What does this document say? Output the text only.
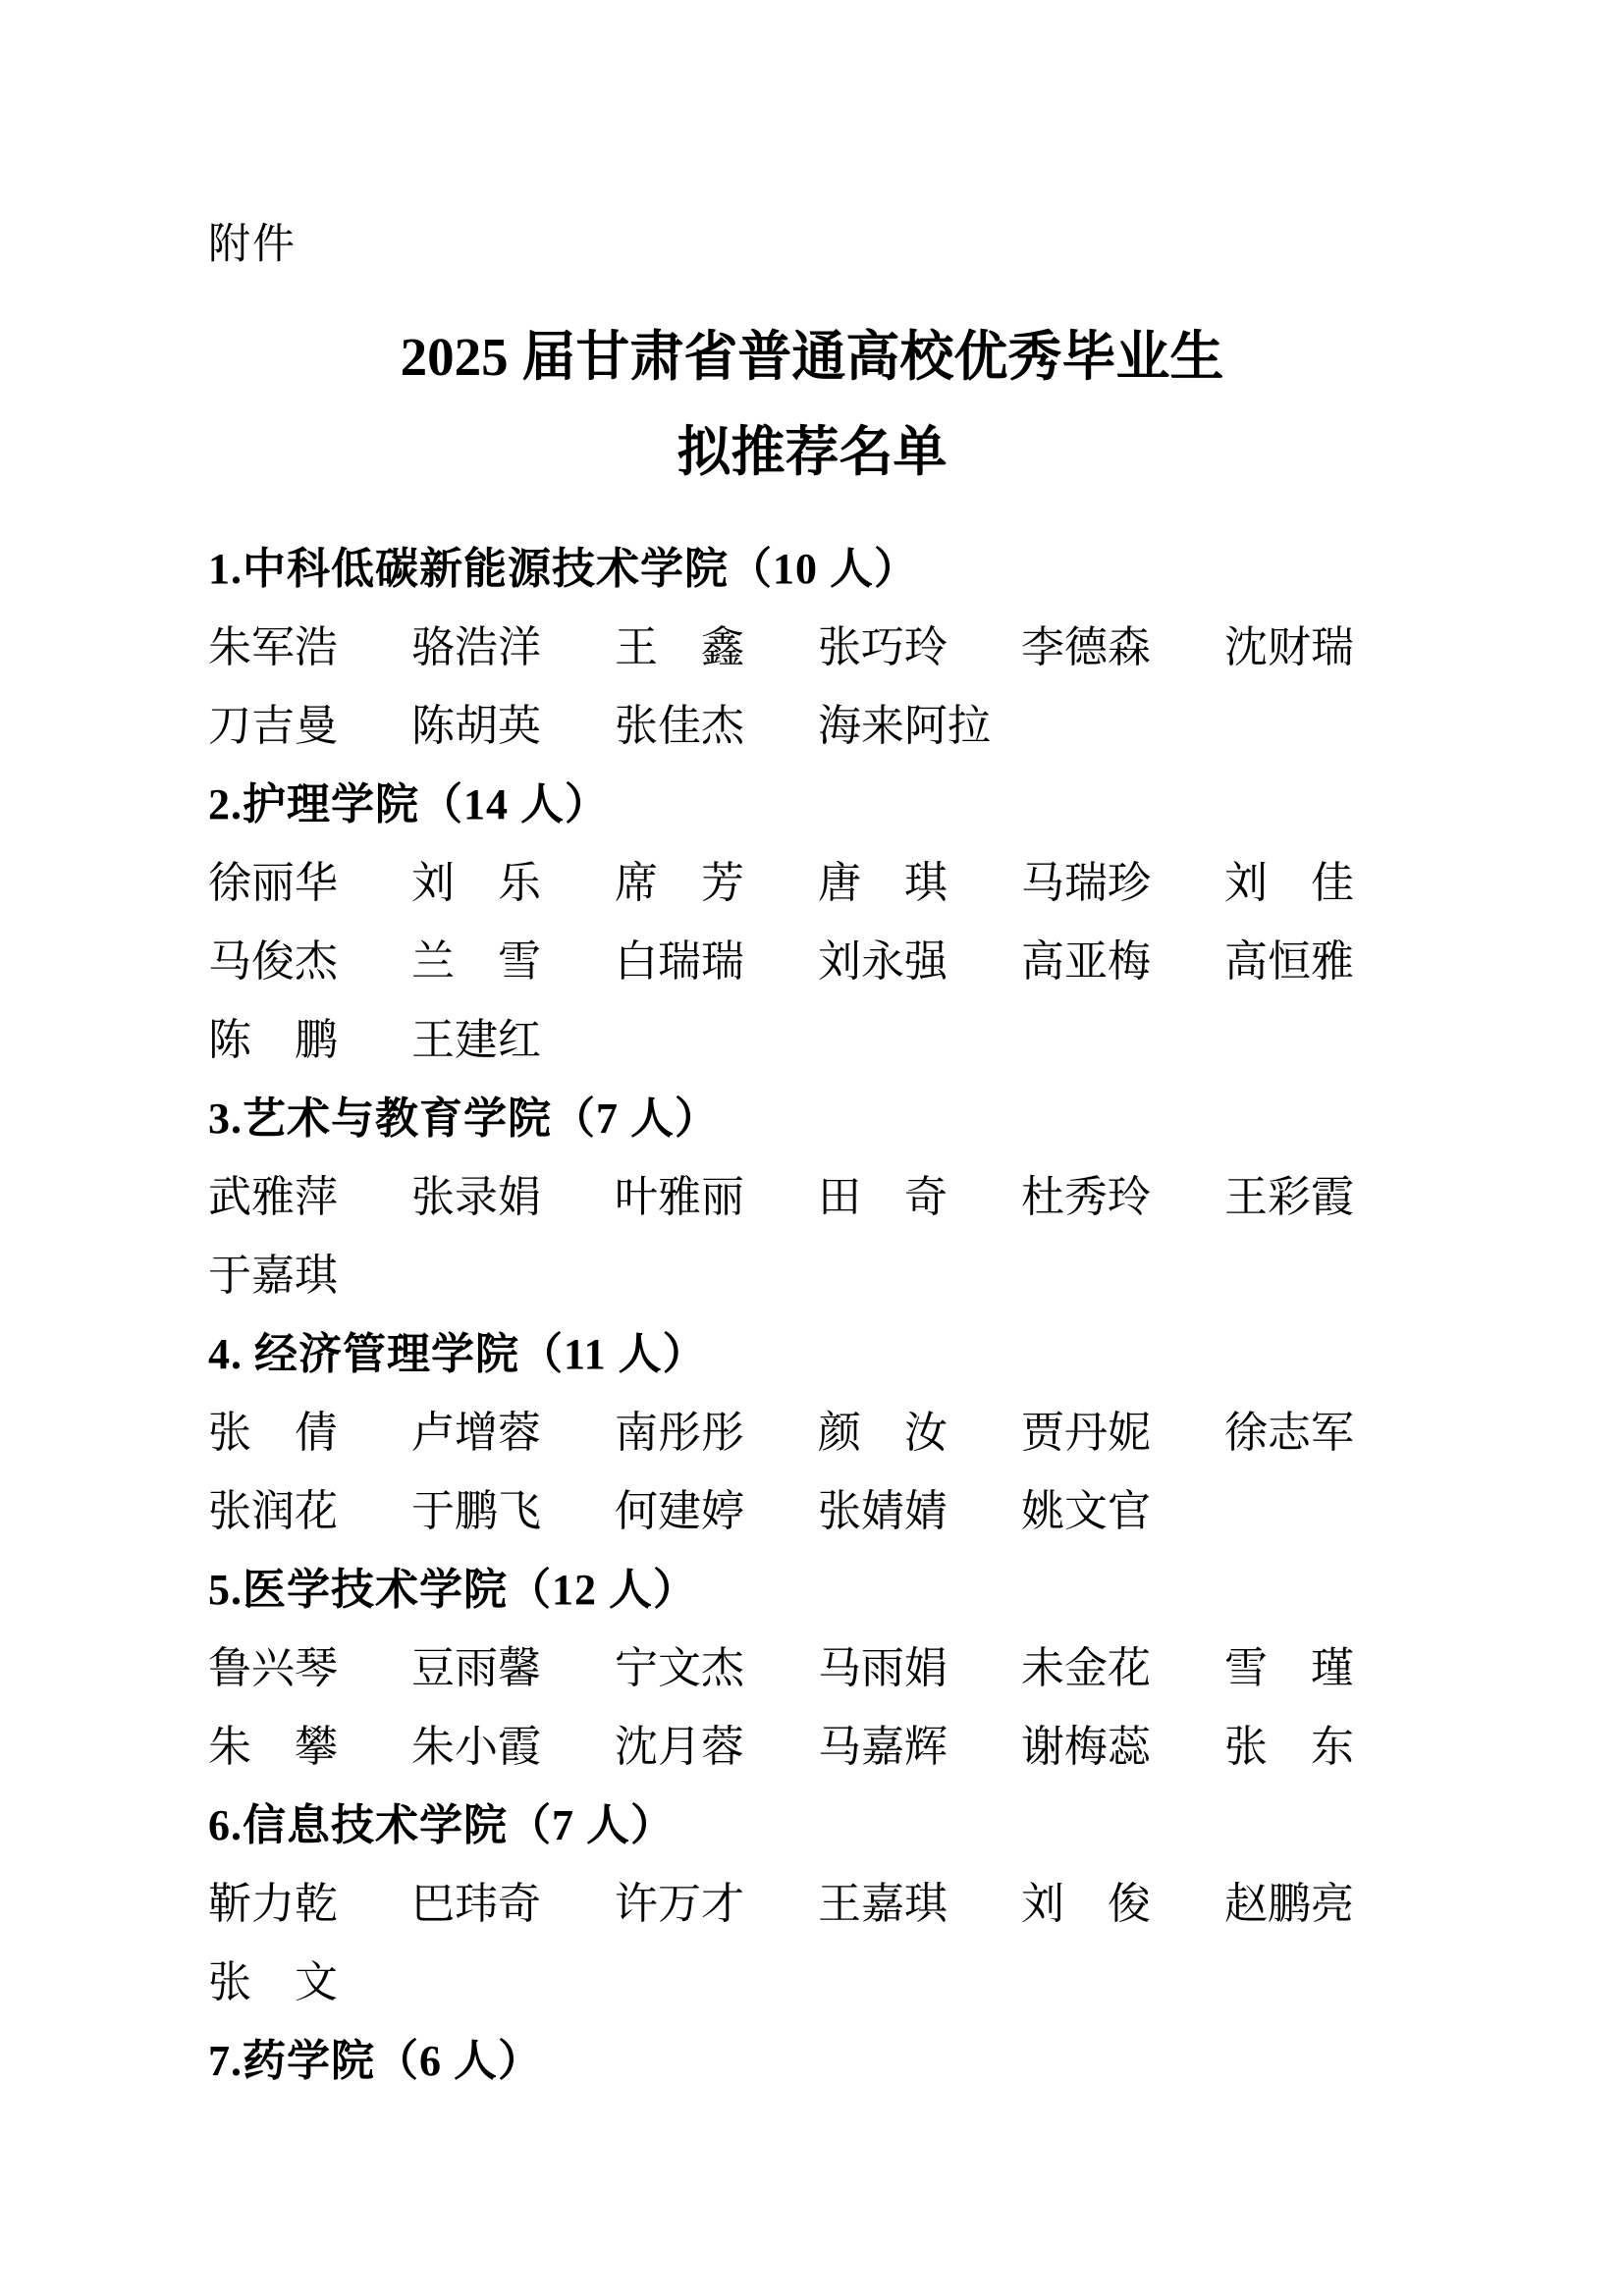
附件
2025 届甘肃省普通高校优秀毕业生
拟推荐名单
1.中科低碳新能源技术学院（10 人）
朱军浩 骆浩洋 王　鑫 张巧玲 李德森 沈财瑞
刀吉曼 陈胡英 张佳杰 海来阿拉
2.护理学院（14 人）
徐丽华 刘　乐 席　芳 唐　琪 马瑞珍 刘　佳
马俊杰 兰　雪 白瑞瑞 刘永强 高亚梅 高恒雅
陈　鹏 王建红
3.艺术与教育学院（7 人）
武雅萍 张录娟 叶雅丽 田　奇 杜秀玲 王彩霞
于嘉琪
4. 经济管理学院（11 人）
张　倩 卢增蓉 南彤彤 颜　汝 贾丹妮 徐志军
张润花 于鹏飞 何建婷 张婧婧 姚文官
5.医学技术学院（12 人）
鲁兴琴 豆雨馨 宁文杰 马雨娟 未金花 雪　瑾
朱　攀 朱小霞 沈月蓉 马嘉辉 谢梅蕊 张　东
6.信息技术学院（7 人）
靳力乾 巴玮奇 许万才 王嘉琪 刘　俊 赵鹏亮
张　文
7.药学院（6 人）
